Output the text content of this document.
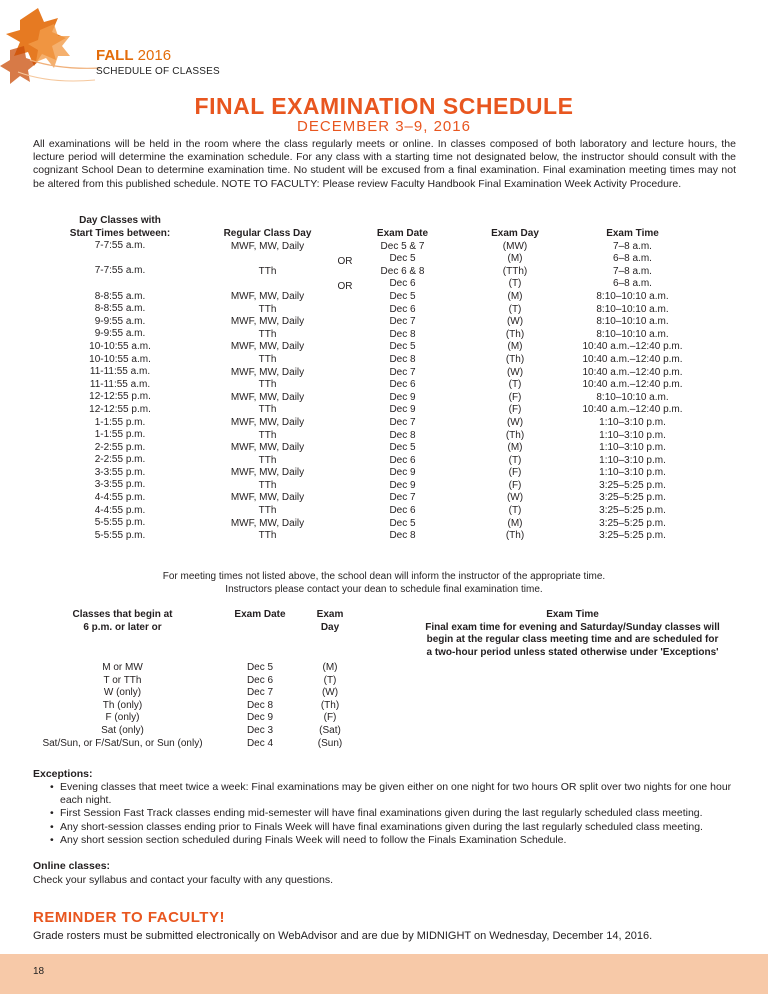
FALL 2016
SCHEDULE OF CLASSES
FINAL EXAMINATION SCHEDULE
DECEMBER 3–9, 2016
All examinations will be held in the room where the class regularly meets or online. In classes composed of both laboratory and lecture hours, the lecture period will determine the examination schedule. For any class with a starting time not designated below, the instructor should consult with the cognizant School Dean to determine examination time. No student will be excused from a final examination. Final examination meeting times may not be altered from this published schedule. NOTE TO FACULTY: Please review Faculty Handbook Final Examination Week Activity Procedure.
Day Classes with
Start Times between:
7-7:55 a.m.
7-7:55 a.m.
8-8:55 a.m.
8-8:55 a.m.
9-9:55 a.m.
9-9:55 a.m.
10-10:55 a.m.
10-10:55 a.m.
11-11:55 a.m.
11-11:55 a.m.
12-12:55 p.m.
12-12:55 p.m.
1-1:55 p.m.
1-1:55 p.m.
2-2:55 p.m.
2-2:55 p.m.
3-3:55 p.m.
3-3:55 p.m.
4-4:55 p.m.
4-4:55 p.m.
5-5:55 p.m.
5-5:55 p.m.
Regular Class Day
MWF, MW, Daily
TTh
MWF, MW, Daily
TTh
MWF, MW, Daily
TTh
MWF, MW, Daily
TTh
MWF, MW, Daily
TTh
MWF, MW, Daily
TTh
MWF, MW, Daily
TTh
MWF, MW, Daily
TTh
MWF, MW, Daily
TTh
MWF, MW, Daily
TTh
MWF, MW, Daily
TTh
OR
OR
Exam Date
Dec 5 & 7
Dec 5
Dec 6 & 8
Dec 6
Dec 5
Dec 6
Dec 7
Dec 8
Dec 5
Dec 8
Dec 7
Dec 6
Dec 9
Dec 9
Dec 7
Dec 8
Dec 5
Dec 6
Dec 9
Dec 9
Dec 7
Dec 6
Dec 5
Dec 8
Exam Day
(MW)
(M)
(TTh)
(T)
(M)
(T)
(W)
(Th)
(M)
(Th)
(W)
(T)
(F)
(F)
(W)
(Th)
(M)
(T)
(F)
(F)
(W)
(T)
(M)
(Th)
Exam Time
7–8 a.m.
6–8 a.m.
7–8 a.m.
6–8 a.m.
8:10–10:10 a.m.
8:10–10:10 a.m.
8:10–10:10 a.m.
8:10–10:10 a.m.
10:40 a.m.–12:40 p.m.
10:40 a.m.–12:40 p.m.
10:40 a.m.–12:40 p.m.
10:40 a.m.–12:40 p.m.
8:10–10:10 a.m.
10:40 a.m.–12:40 p.m.
1:10–3:10 p.m.
1:10–3:10 p.m.
1:10–3:10 p.m.
1:10–3:10 p.m.
1:10–3:10 p.m.
3:25–5:25 p.m.
3:25–5:25 p.m.
3:25–5:25 p.m.
3:25–5:25 p.m.
3:25–5:25 p.m.
For meeting times not listed above, the school dean will inform the instructor of the appropriate time.
Instructors please contact your dean to schedule final examination time.
Classes that begin at
6 p.m. or later or
Exam Date	Exam
Day
Exam Time
Final exam time for evening and Saturday/Sunday classes will
begin at the regular class meeting time and are scheduled for
a two-hour period unless stated otherwise under 'Exceptions'
M or MW
T or TTh
W (only)
Th (only)
F (only)
Sat (only)
Sat/Sun, or F/Sat/Sun, or Sun (only)
Dec 5
Dec 6
Dec 7
Dec 8
Dec 9
Dec 3
Dec 4
(M)
(T)
(W)
(Th)
(F)
(Sat)
(Sun)
Exceptions:
• Evening classes that meet twice a week: Final examinations may be given either on one night for two hours OR split over two nights for one hour each night.
• First Session Fast Track classes ending mid-semester will have final examinations given during the last regularly scheduled class meeting.
• Any short-session classes ending prior to Finals Week will have final examinations given during the last regularly scheduled class meeting.
• Any short session section scheduled during Finals Week will need to follow the Finals Examination Schedule.
Online classes:
Check your syllabus and contact your faculty with any questions.
REMINDER TO FACULTY!
Grade rosters must be submitted electronically on WebAdvisor and are due by MIDNIGHT on Wednesday, December 14, 2016.
18
